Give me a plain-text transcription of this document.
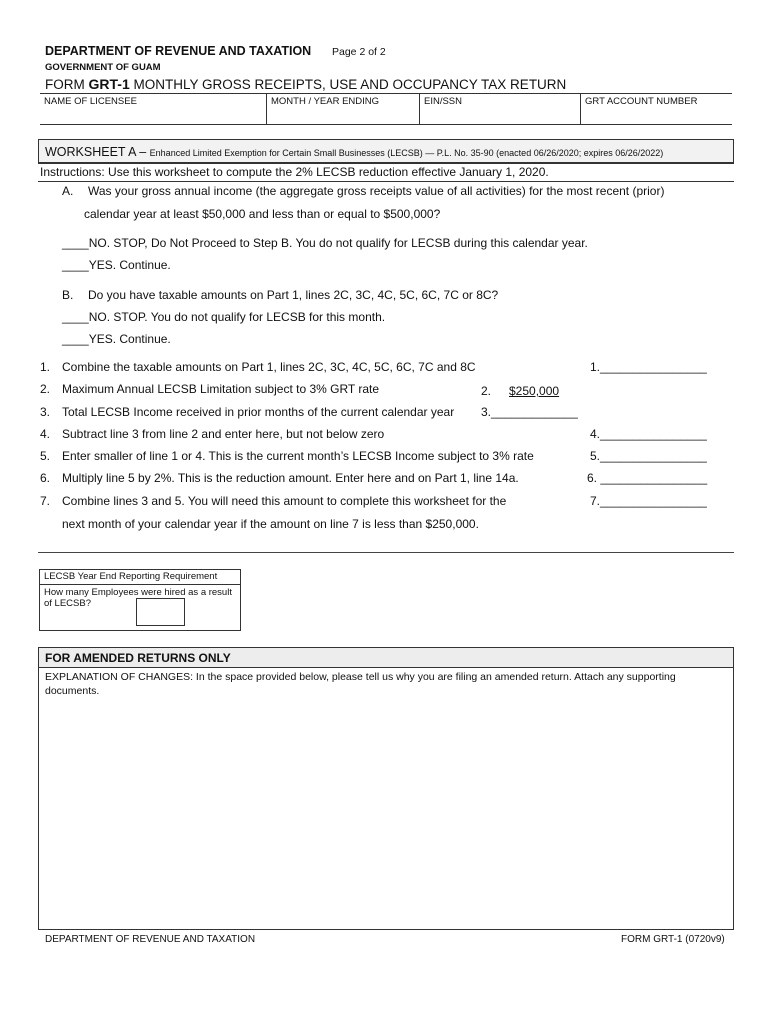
DEPARTMENT OF REVENUE AND TAXATION Page 2 of 2
GOVERNMENT OF GUAM
FORM GRT-1 MONTHLY GROSS RECEIPTS, USE AND OCCUPANCY TAX RETURN
NAME OF LICENSEE	MONTH / YEAR ENDING	EIN/SSN	GRT ACCOUNT NUMBER
WORKSHEET A – Enhanced Limited Exemption for Certain Small Businesses (LECSB) — P.L. No. 35-90 (enacted 06/26/2020; expires 06/26/2022)
Instructions: Use this worksheet to compute the 2% LECSB reduction effective January 1, 2020.
A. Was your gross annual income (the aggregate gross receipts value of all activities) for the most recent (prior)
calendar year at least $50,000 and less than or equal to $500,000?
____NO. STOP, Do Not Proceed to Step B. You do not qualify for LECSB during this calendar year.
____YES. Continue.
B. Do you have taxable amounts on Part 1, lines 2C, 3C, 4C, 5C, 6C, 7C or 8C?
____NO. STOP. You do not qualify for LECSB for this month.
____YES. Continue.
1. Combine the taxable amounts on Part 1, lines 2C, 3C, 4C, 5C, 6C, 7C and 8C	1.________________
2. Maximum Annual LECSB Limitation subject to 3% GRT rate	2. $250,000
3. Total LECSB Income received in prior months of the current calendar year 3._____________
4. Subtract line 3 from line 2 and enter here, but not below zero	4.________________
5. Enter smaller of line 1 or 4. This is the current month’s LECSB Income subject to 3% rate	5.________________
6. Multiply line 5 by 2%. This is the reduction amount. Enter here and on Part 1, line 14a.	6. ________________
7. Combine lines 3 and 5. You will need this amount to complete this worksheet for the	7.________________
next month of your calendar year if the amount on line 7 is less than $250,000.
LECSB Year End Reporting Requirement
How many Employees were hired as a result of LECSB?
FOR AMENDED RETURNS ONLY
EXPLANATION OF CHANGES: In the space provided below, please tell us why you are filing an amended return. Attach any supporting documents.
DEPARTMENT OF REVENUE AND TAXATION	FORM GRT-1 (0720v9)
